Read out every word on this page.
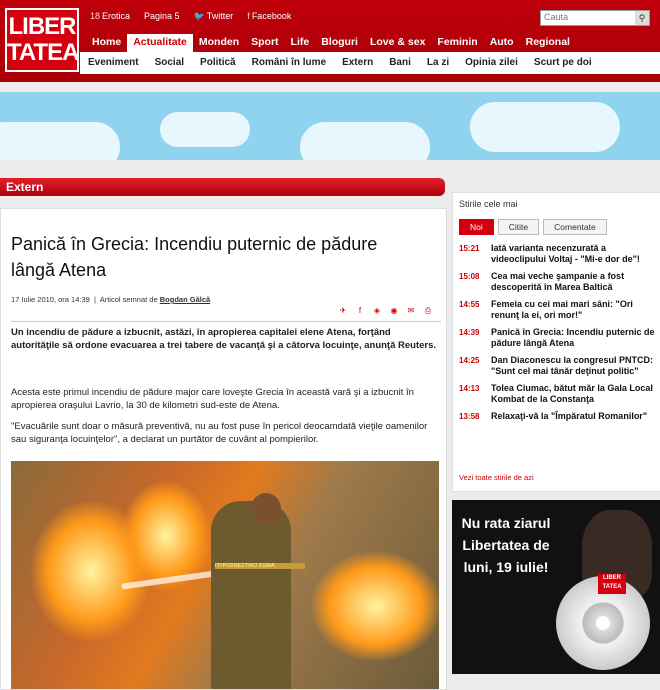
LIBER
TATEA
18 Erotica Pagina 5 🐦 Twitter f Facebook	Cauta	⚲
Home	Actualitate	Monden	Sport	Life	Bloguri	Love & sex	Feminin	Auto	Regional
Eveniment	Social	Politică	Români în lume	Extern	Bani	La zi	Opinia zilei	Scurt pe doi
Extern
Panică în Grecia: Incendiu puternic de pădure lângă Atena
17 Iulie 2010, ora 14:39  |  Articol semnat de Bogdan Gălcă
✈	f	◈ ◉ ✉ ⎙
Un incendiu de pădure a izbucnit, astăzi, în apropierea capitalei elene Atena, forţând autorităţile să ordone evacuarea a trei tabere de vacanţă şi a câtorva locuinţe, anunţă Reuters.
Acesta este primul incendiu de pădure major care loveşte Grecia în această vară şi a izbucnit în apropierea oraşului Lavrio, la 30 de kilometri sud-este de Atena.
"Evacuările sunt doar o măsură preventivă, nu au fost puse în pericol deocamdată vieţile oamenilor sau siguranţa locuinţelor", a declarat un purtător de cuvânt al pompierilor.
ΠΥΡΟΣΒΕΣΤΙΚΟ ΣΩΜΑ
Stirile cele mai
Noi	Citite	Comentate
15:21	Iată varianta necenzurată a videoclipului Voltaj - "Mi-e dor de"!
15:08	Cea mai veche şampanie a fost descoperită în Marea Baltică
14:55	Femeia cu cei mai mari sâni: "Ori renunţ la ei, ori mor!"
14:39	Panică în Grecia: Incendiu puternic de pădure lângă Atena
14:25	Dan Diaconescu la congresul PNTCD: "Sunt cel mai tânăr deţinut politic"
14:13	Tolea Ciumac, bătut măr la Gala Local Kombat de la Constanţa
13:58	Relaxaţi-vă la "Împăratul Romanilor"
Vezi toate stirile de azi
Nu rata ziarul Libertatea de luni, 19 iulie!
LIBER TATEA
